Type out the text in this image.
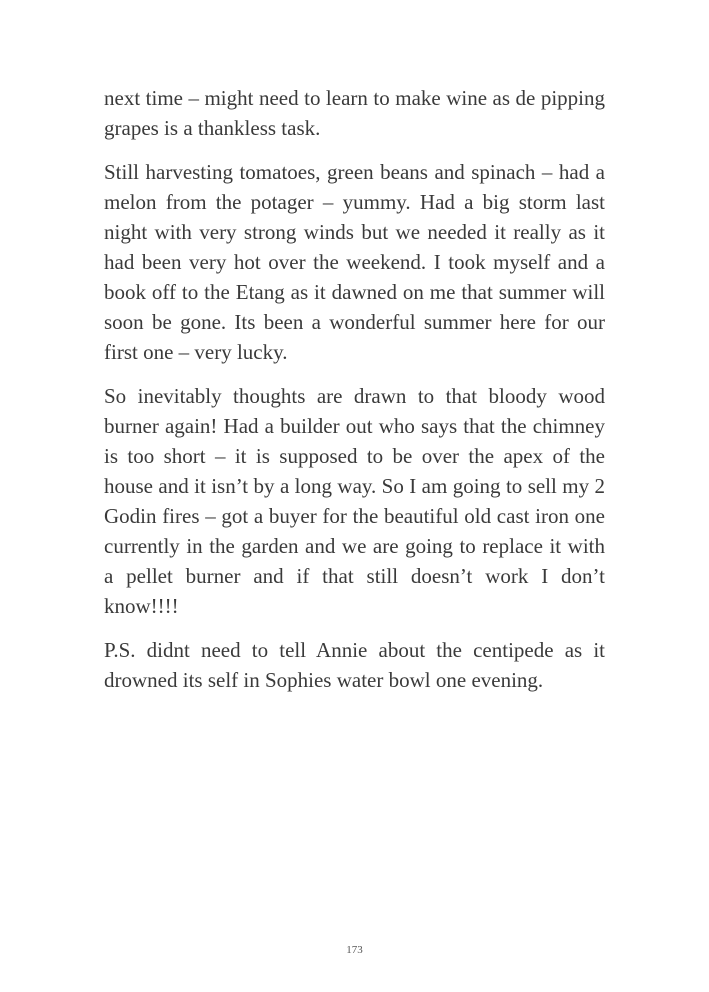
next time – might need to learn to make wine as de pipping grapes is a thankless task.

Still harvesting tomatoes, green beans and spinach – had a melon from the potager – yummy. Had a big storm last night with very strong winds but we needed it really as it had been very hot over the weekend. I took myself and a book off to the Etang as it dawned on me that summer will soon be gone. Its been a wonderful summer here for our first one – very lucky.

So inevitably thoughts are drawn to that bloody wood burner again! Had a builder out who says that the chimney is too short – it is supposed to be over the apex of the house and it isn’t by a long way. So I am going to sell my 2 Godin fires – got a buyer for the beautiful old cast iron one currently in the garden and we are going to replace it with a pellet burner and if that still doesn’t work I don’t know!!!!

P.S. didnt need to tell Annie about the centipede as it drowned its self in Sophies water bowl one evening.

173
